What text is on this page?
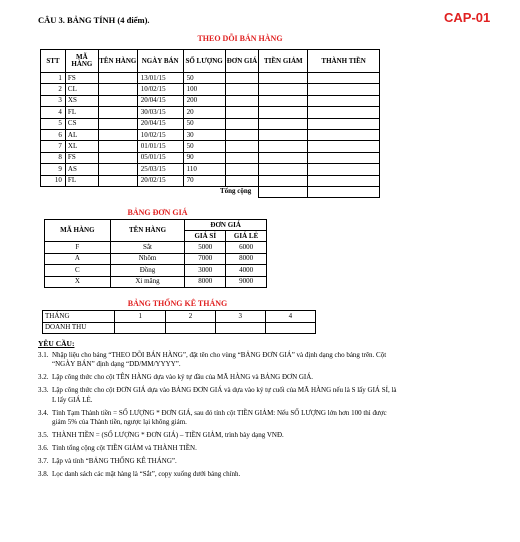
CÂU 3. BẢNG TÍNH (4 điểm).	CAP-01
THEO DÕI BÁN HÀNG
STT	MÃ HÀNG	TÊN HÀNG	NGÀY BÁN	SỐ LƯỢNG	ĐƠN GIÁ	TIỀN GIẢM	THÀNH TIỀN
1	FS		13/01/15	50			
2	CL		10/02/15	100			
3	XS		20/04/15	200			
4	FL		30/03/15	20			
5	CS		20/04/15	50			
6	AL		10/02/15	30			
7	XL		01/01/15	50			
8	FS		05/01/15	90			
9	AS		25/03/15	110			
10	FL		20/02/15	70			

Tổng cộng
BẢNG ĐƠN GIÁ
MÃ HÀNG	TÊN HÀNG	ĐƠN GIÁ	
		GIÁ SỈ	GIÁ LẺ
F	Sắt	5000	6000
A	Nhôm	7000	8000
C	Đồng	3000	4000
X	Xi măng	8000	9000
BẢNG THỐNG KÊ THÁNG
THÁNG	1	2	3	4
DOANH THU				
YÊU CẦU:
3.1. Nhập liệu cho bảng “THEO DÕI BÁN HÀNG”, đặt tên cho vùng “BẢNG ĐƠN GIÁ” và định dạng cho bảng trên. Cột “NGÀY BÁN” định dạng “DD/MM/YYYY”.
3.2. Lập công thức cho cột TÊN HÀNG dựa vào ký tự đầu của MÃ HÀNG và BẢNG ĐƠN GIÁ.
3.3. Lập công thức cho cột ĐƠN GIÁ dựa vào BẢNG ĐƠN GIÁ và dựa vào ký tự cuối của MÃ HÀNG nếu là S lấy GIÁ SỈ, là L lấy GIÁ LẺ.
3.4. Tính Tạm Thành tiền = SỐ LƯỢNG * ĐƠN GIÁ, sau đó tính cột TIỀN GIẢM: Nếu SỐ LƯỢNG lớn hơn 100 thì được giảm 5% của Thành tiền, ngược lại không giảm.
3.5. THÀNH TIỀN = (SỐ LƯỢNG * ĐƠN GIÁ) – TIỀN GIẢM, trình bày dạng VNĐ.
3.6. Tính tổng cộng cột TIỀN GIẢM và THÀNH TIỀN.
3.7. Lập và tính “BẢNG THỐNG KÊ THÁNG”.
3.8. Lọc danh sách các mặt hàng là “Sắt”, copy xuống dưới bảng chính.
